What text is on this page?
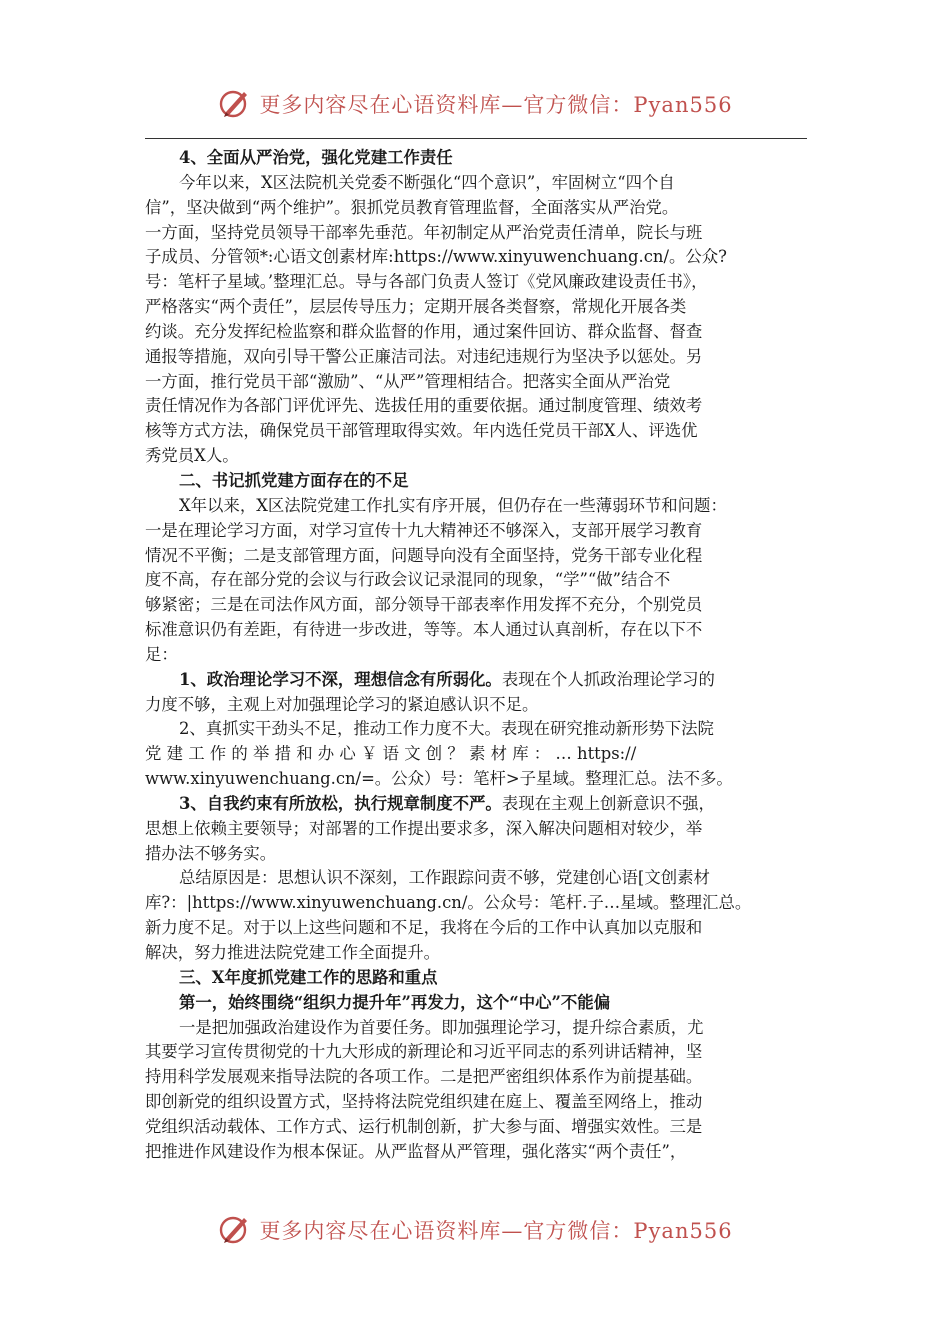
更多内容尽在心语资料库—官方微信：Pyan556
4、全面从严治党，强化党建工作责任
今年以来，X区法院机关党委不断强化“四个意识”，牢固树立“四个自
信”，坚决做到“两个维护”。狠抓党员教育管理监督，全面落实从严治党。
一方面，坚持党员领导干部率先垂范。年初制定从严治党责任清单，院长与班
子成员、分管领*:心语文创素材库:https://www.xinyuwenchuang.cn/。公众?
号：笔杆子星域。’整理汇总。导与各部门负责人签订《党风廉政建设责任书》，
严格落实“两个责任”，层层传导压力；定期开展各类督察，常规化开展各类
约谈。充分发挥纪检监察和群众监督的作用，通过案件回访、群众监督、督查
通报等措施，双向引导干警公正廉洁司法。对违纪违规行为坚决予以惩处。另
一方面，推行党员干部“激励”、“从严”管理相结合。把落实全面从严治党
责任情况作为各部门评优评先、选拔任用的重要依据。通过制度管理、绩效考
核等方式方法，确保党员干部管理取得实效。年内选任党员干部X人、评选优
秀党员X人。
二、书记抓党建方面存在的不足
X年以来，X区法院党建工作扎实有序开展，但仍存在一些薄弱环节和问题：
一是在理论学习方面，对学习宣传十九大精神还不够深入，支部开展学习教育
情况不平衡；二是支部管理方面，问题导向没有全面坚持，党务干部专业化程
度不高，存在部分党的会议与行政会议记录混同的现象，“学”“做”结合不
够紧密；三是在司法作风方面，部分领导干部表率作用发挥不充分，个别党员
标准意识仍有差距，有待进一步改进，等等。本人通过认真剖析，存在以下不
足：
1、政治理论学习不深，理想信念有所弱化。表现在个人抓政治理论学习的
力度不够，主观上对加强理论学习的紧迫感认识不足。
2、真抓实干劲头不足，推动工作力度不大。表现在研究推动新形势下法院
党 建 工 作 的 举 措 和 办 心 ￥ 语 文 创 ？ 素 材 库 ： … https://
www.xinyuwenchuang.cn/=。公众）号：笔杆>子星域。整理汇总。法不多。
3、自我约束有所放松，执行规章制度不严。表现在主观上创新意识不强，
思想上依赖主要领导；对部署的工作提出要求多，深入解决问题相对较少，举
措办法不够务实。
总结原因是：思想认识不深刻，工作跟踪问责不够，党建创心语[文创素材
库?：|https://www.xinyuwenchuang.cn/。公众号：笔杆.子…星域。整理汇总。
新力度不足。对于以上这些问题和不足，我将在今后的工作中认真加以克服和
解决，努力推进法院党建工作全面提升。
三、X年度抓党建工作的思路和重点
第一，始终围绕“组织力提升年”再发力，这个“中心”不能偏
一是把加强政治建设作为首要任务。即加强理论学习，提升综合素质，尤
其要学习宣传贯彻党的十九大形成的新理论和习近平同志的系列讲话精神，坚
持用科学发展观来指导法院的各项工作。二是把严密组织体系作为前提基础。
即创新党的组织设置方式，坚持将法院党组织建在庭上、覆盖至网络上，推动
党组织活动载体、工作方式、运行机制创新，扩大参与面、增强实效性。三是
把推进作风建设作为根本保证。从严监督从严管理，强化落实“两个责任”，
更多内容尽在心语资料库—官方微信：Pyan556
